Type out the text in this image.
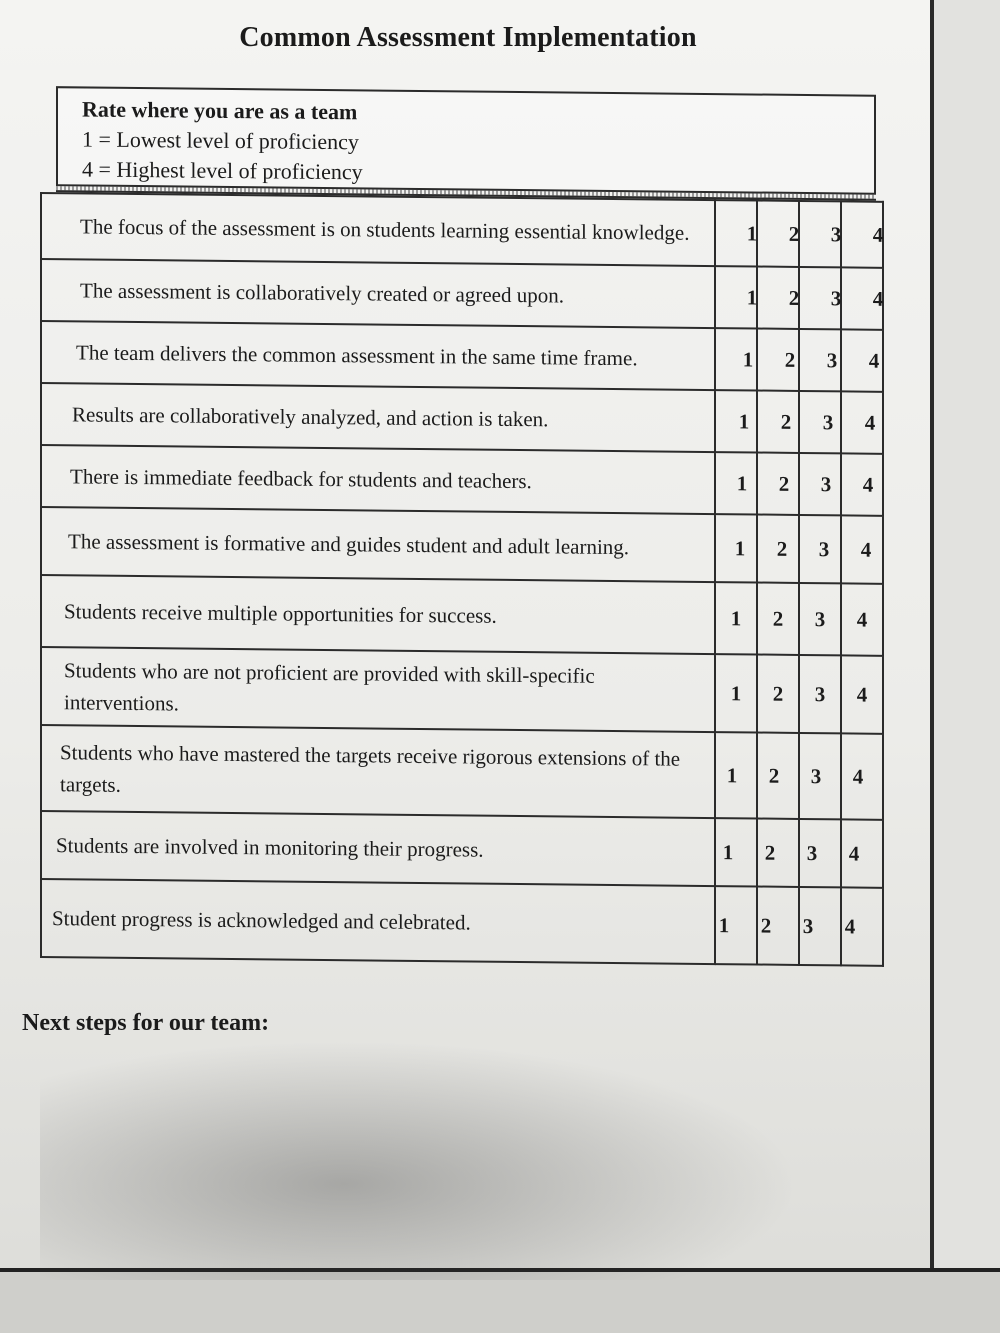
Common Assessment Implementation
Rate where you are as a team
1 = Lowest level of proficiency
4 = Highest level of proficiency
The focus of the assessment is on students learning essential knowledge.	1	2	3	4
The assessment is collaboratively created or agreed upon.	1	2	3	4
The team delivers the common assessment in the same time frame.	1	2	3	4
Results are collaboratively analyzed, and action is taken.	1	2	3	4
There is immediate feedback for students and teachers.	1	2	3	4
The assessment is formative and guides student and adult learning.	1	2	3	4
Students receive multiple opportunities for success.	1	2	3	4
Students who are not proficient are provided with skill-specific interventions.	1	2	3	4
Students who have mastered the targets receive rigorous extensions of the targets.	1	2	3	4
Students are involved in monitoring their progress.	1	2	3	4
Student progress is acknowledged and celebrated.	1	2	3	4
Next steps for our team:
